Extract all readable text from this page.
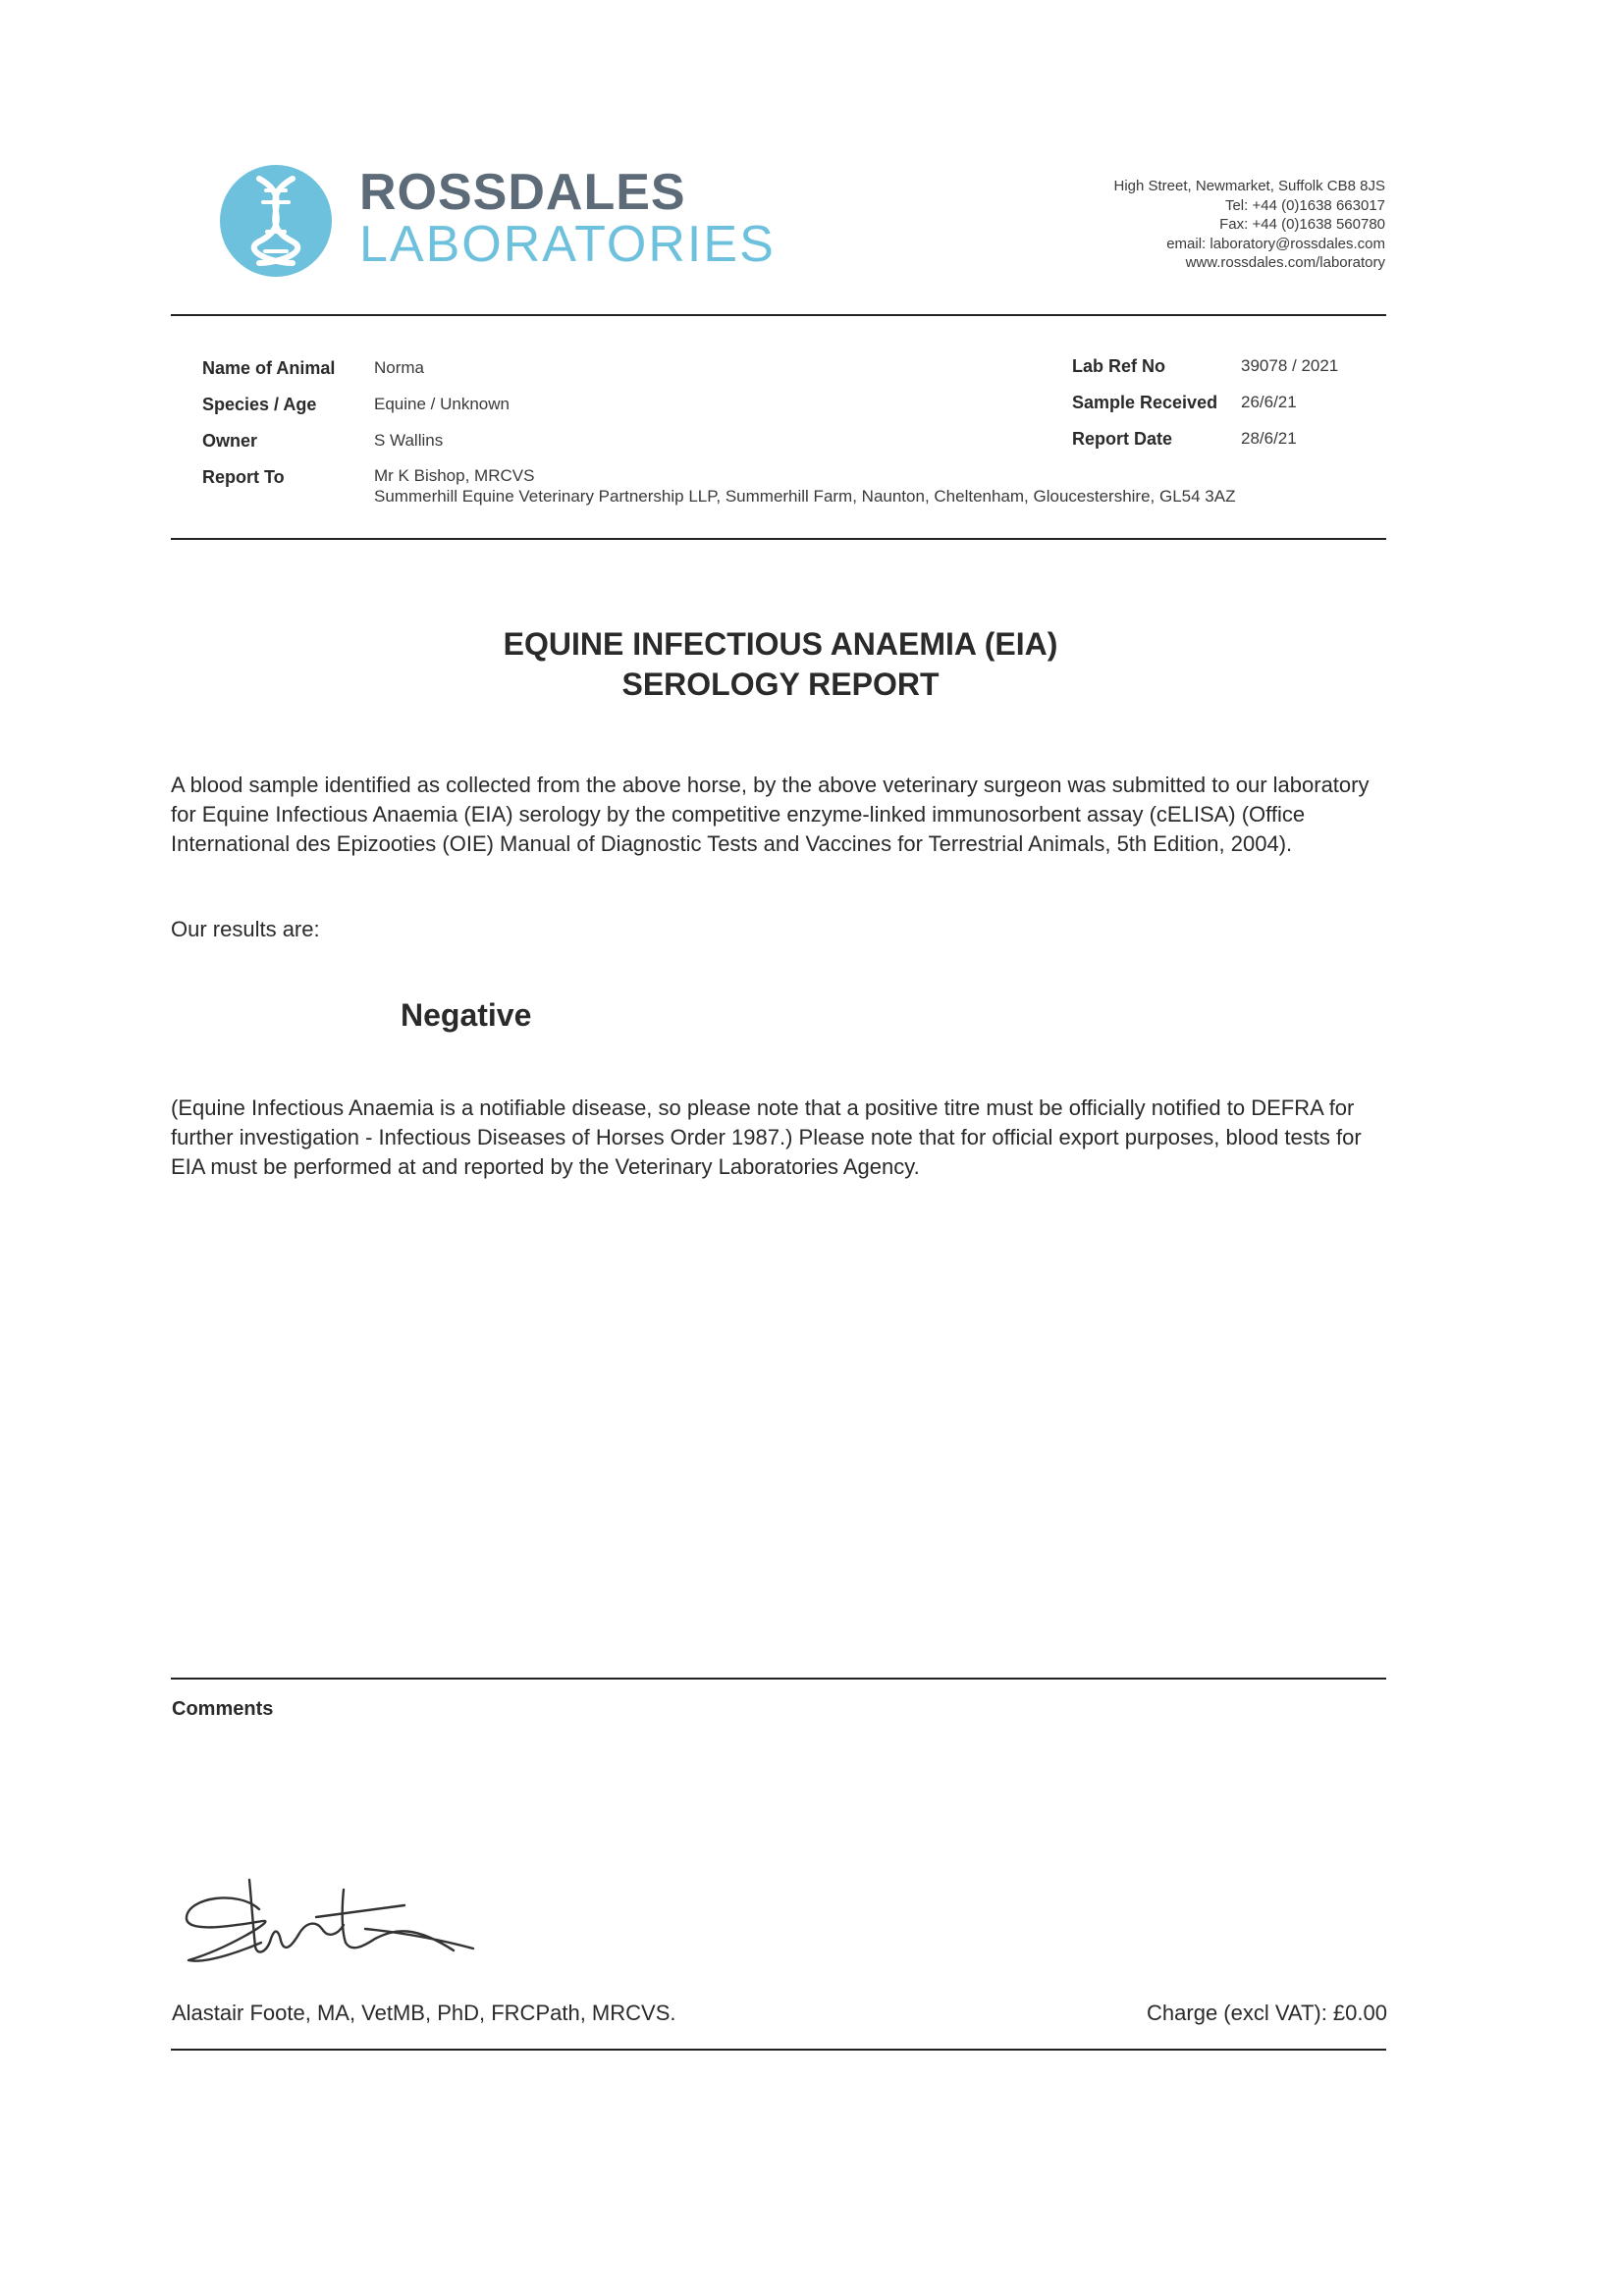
ROSSDALES
LABORATORIES
High Street, Newmarket, Suffolk CB8 8JS
Tel: +44 (0)1638 663017
Fax: +44 (0)1638 560780
email: laboratory@rossdales.com
www.rossdales.com/laboratory
Name of Animal Norma
Species / Age	Equine / Unknown
Owner	S Wallins
Report To	Mr K Bishop, MRCVS
Summerhill Equine Veterinary Partnership LLP, Summerhill Farm, Naunton, Cheltenham, Gloucestershire, GL54 3AZ
Lab Ref No	39078 / 2021
Sample Received 26/6/21
Report Date	28/6/21
EQUINE INFECTIOUS ANAEMIA (EIA)
SEROLOGY REPORT
A blood sample identified as collected from the above horse, by the above veterinary surgeon was submitted to our laboratory for Equine Infectious Anaemia (EIA) serology by the competitive enzyme-linked immunosorbent assay (cELISA) (Office International des Epizooties (OIE) Manual of Diagnostic Tests and Vaccines for Terrestrial Animals, 5th Edition, 2004).
Our results are:
Negative
(Equine Infectious Anaemia is a notifiable disease, so please note that a positive titre must be officially notified to DEFRA for further investigation - Infectious Diseases of Horses Order 1987.) Please note that for official export purposes, blood tests for EIA must be performed at and reported by the Veterinary Laboratories Agency.
Comments
Alastair Foote, MA, VetMB, PhD, FRCPath, MRCVS.	Charge (excl VAT): £0.00
